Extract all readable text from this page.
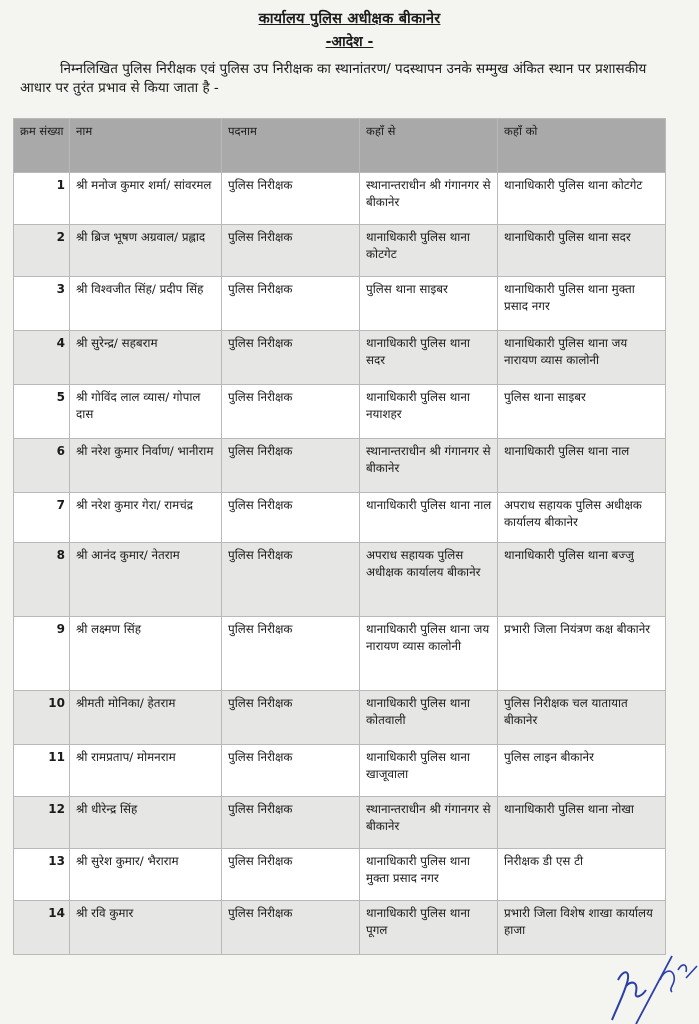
कार्यालय पुलिस अधीक्षक बीकानेर
-आदेश -
निम्नलिखित पुलिस निरीक्षक एवं पुलिस उप निरीक्षक का स्थानांतरण/ पदस्थापन उनके सम्मुख अंकित स्थान पर प्रशासकीय आधार पर तुरंत प्रभाव से किया जाता है -
क्रम संख्या	नाम	पदनाम	कहाँ से	कहाँ को
1	श्री मनोज कुमार शर्मा/ सांवरमल	पुलिस निरीक्षक	स्थानान्तराधीन श्री गंगानगर से बीकानेर	थानाधिकारी पुलिस थाना कोटगेट
2	श्री ब्रिज भूषण अग्रवाल/ प्रह्लाद	पुलिस निरीक्षक	थानाधिकारी पुलिस थाना कोटगेट	थानाधिकारी पुलिस थाना सदर
3	श्री विश्वजीत सिंह/ प्रदीप सिंह	पुलिस निरीक्षक	पुलिस थाना साइबर	थानाधिकारी पुलिस थाना मुक्ता प्रसाद नगर
4	श्री सुरेन्द्र/ सहबराम	पुलिस निरीक्षक	थानाधिकारी पुलिस थाना सदर	थानाधिकारी पुलिस थाना जय नारायण व्यास कालोनी
5	श्री गोविंद लाल व्यास/ गोपाल दास	पुलिस निरीक्षक	थानाधिकारी पुलिस थाना नयाशहर	पुलिस थाना साइबर
6	श्री नरेश कुमार निर्वाण/ भानीराम	पुलिस निरीक्षक	स्थानान्तराधीन श्री गंगानगर से बीकानेर	थानाधिकारी पुलिस थाना नाल
7	श्री नरेश कुमार गेरा/ रामचंद्र	पुलिस निरीक्षक	थानाधिकारी पुलिस थाना नाल	अपराध सहायक पुलिस अधीक्षक कार्यालय बीकानेर
8	श्री आनंद कुमार/ नेतराम	पुलिस निरीक्षक	अपराध सहायक पुलिस अधीक्षक कार्यालय बीकानेर	थानाधिकारी पुलिस थाना बज्जु
9	श्री लक्ष्मण सिंह	पुलिस निरीक्षक	थानाधिकारी पुलिस थाना जय नारायण व्यास कालोनी	प्रभारी जिला नियंत्रण कक्ष बीकानेर
10	श्रीमती मोनिका/ हेतराम	पुलिस निरीक्षक	थानाधिकारी पुलिस थाना कोतवाली	पुलिस निरीक्षक चल यातायात बीकानेर
11	श्री रामप्रताप/ मोमनराम	पुलिस निरीक्षक	थानाधिकारी पुलिस थाना खाजूवाला	पुलिस लाइन बीकानेर
12	श्री धीरेन्द्र सिंह	पुलिस निरीक्षक	स्थानान्तराधीन श्री गंगानगर से बीकानेर	थानाधिकारी पुलिस थाना नोखा
13	श्री सुरेश कुमार/ भैराराम	पुलिस निरीक्षक	थानाधिकारी पुलिस थाना मुक्ता प्रसाद नगर	निरीक्षक डी एस टी
14	श्री रवि कुमार	पुलिस निरीक्षक	थानाधिकारी पुलिस थाना पूगल	प्रभारी जिला विशेष शाखा कार्यालय हाजा
